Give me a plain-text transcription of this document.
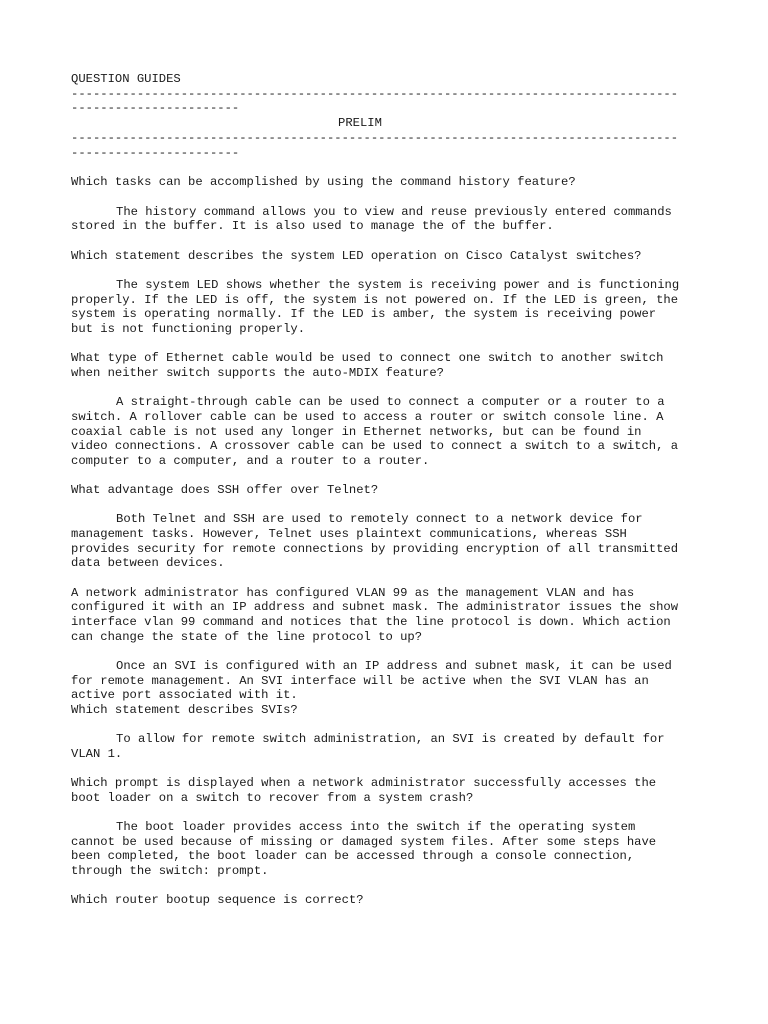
QUESTION GUIDES
-----------------------------------------------------------------------------------
-----------------------
PRELIM
-----------------------------------------------------------------------------------
-----------------------
Which tasks can be accomplished by using the command history feature?
The history command allows you to view and reuse previously entered commands
stored in the buffer. It is also used to manage the of the buffer.
Which statement describes the system LED operation on Cisco Catalyst switches?
The system LED shows whether the system is receiving power and is functioning
properly. If the LED is off, the system is not powered on. If the LED is green, the
system is operating normally. If the LED is amber, the system is receiving power
but is not functioning properly.
What type of Ethernet cable would be used to connect one switch to another switch
when neither switch supports the auto-MDIX feature?
A straight-through cable can be used to connect a computer or a router to a
switch. A rollover cable can be used to access a router or switch console line. A
coaxial cable is not used any longer in Ethernet networks, but can be found in
video connections. A crossover cable can be used to connect a switch to a switch, a
computer to a computer, and a router to a router.
What advantage does SSH offer over Telnet?
Both Telnet and SSH are used to remotely connect to a network device for
management tasks. However, Telnet uses plaintext communications, whereas SSH
provides security for remote connections by providing encryption of all transmitted
data between devices.
A network administrator has configured VLAN 99 as the management VLAN and has
configured it with an IP address and subnet mask. The administrator issues the show
interface vlan 99 command and notices that the line protocol is down. Which action
can change the state of the line protocol to up?
Once an SVI is configured with an IP address and subnet mask, it can be used
for remote management. An SVI interface will be active when the SVI VLAN has an
active port associated with it.
Which statement describes SVIs?
To allow for remote switch administration, an SVI is created by default for
VLAN 1.
Which prompt is displayed when a network administrator successfully accesses the
boot loader on a switch to recover from a system crash?
The boot loader provides access into the switch if the operating system
cannot be used because of missing or damaged system files. After some steps have
been completed, the boot loader can be accessed through a console connection,
through the switch: prompt.
Which router bootup sequence is correct?
